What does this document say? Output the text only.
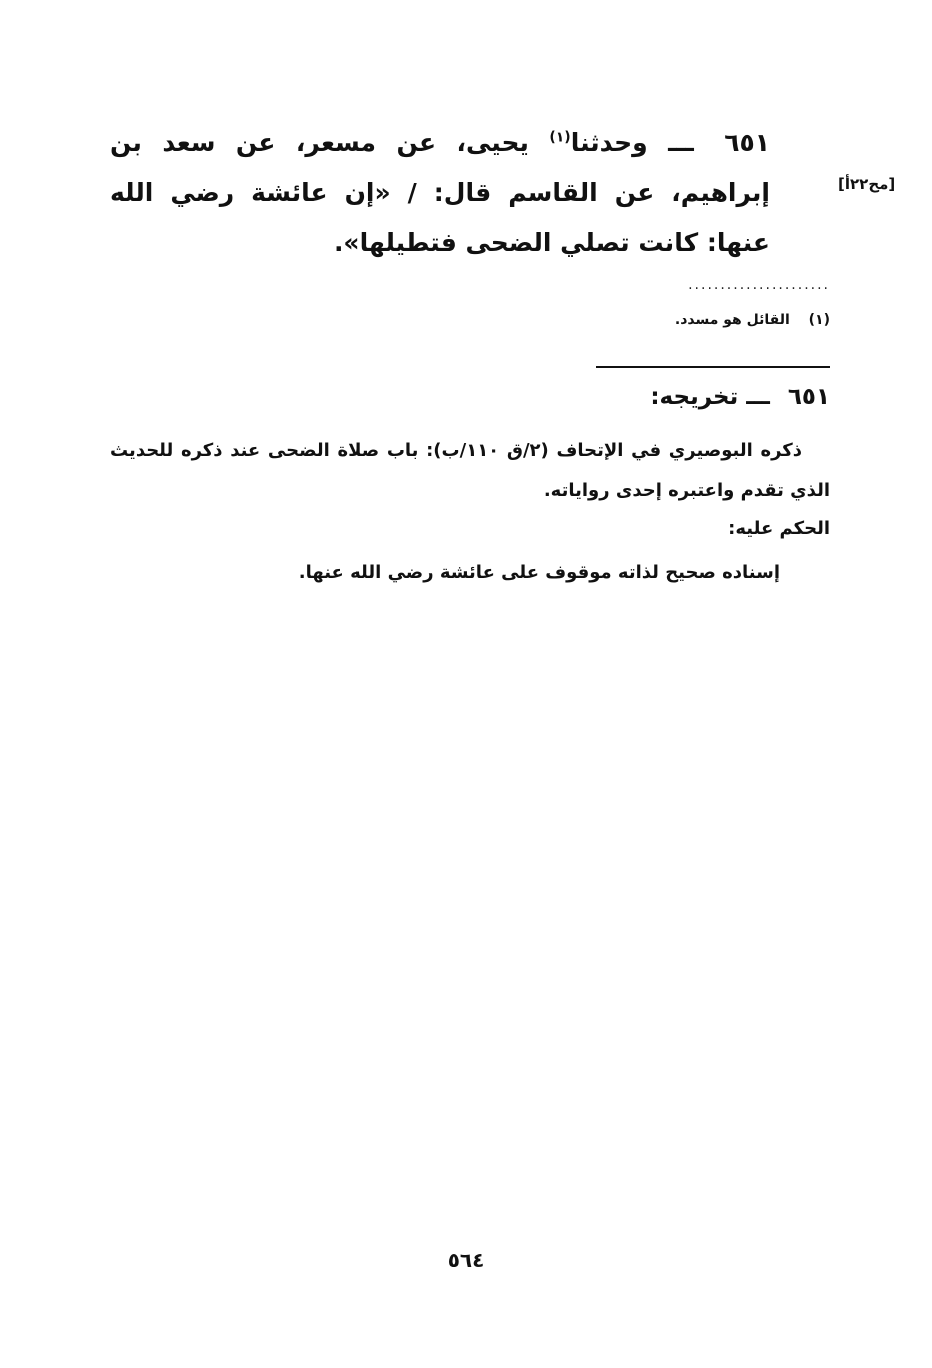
٦٥١ ـــ وحدثنا$^{(١)}$ يحيى، عن مسعر، عن سعد بن إبراهيم، عن القاسم قال: / «إن عائشة رضي الله عنها: كانت تصلي الضحى فتطيلها».
[مح٢٢أ]
......................
(١) القائل هو مسدد.
٦٥١ ـــ تخريجه:
ذكره البوصيري في الإتحاف (٢/ق ١١٠/ب): باب صلاة الضحى عند ذكره للحديث الذي تقدم واعتبره إحدى رواياته.
الحكم عليه:
إسناده صحيح لذاته موقوف على عائشة رضي الله عنها.
٥٦٤
